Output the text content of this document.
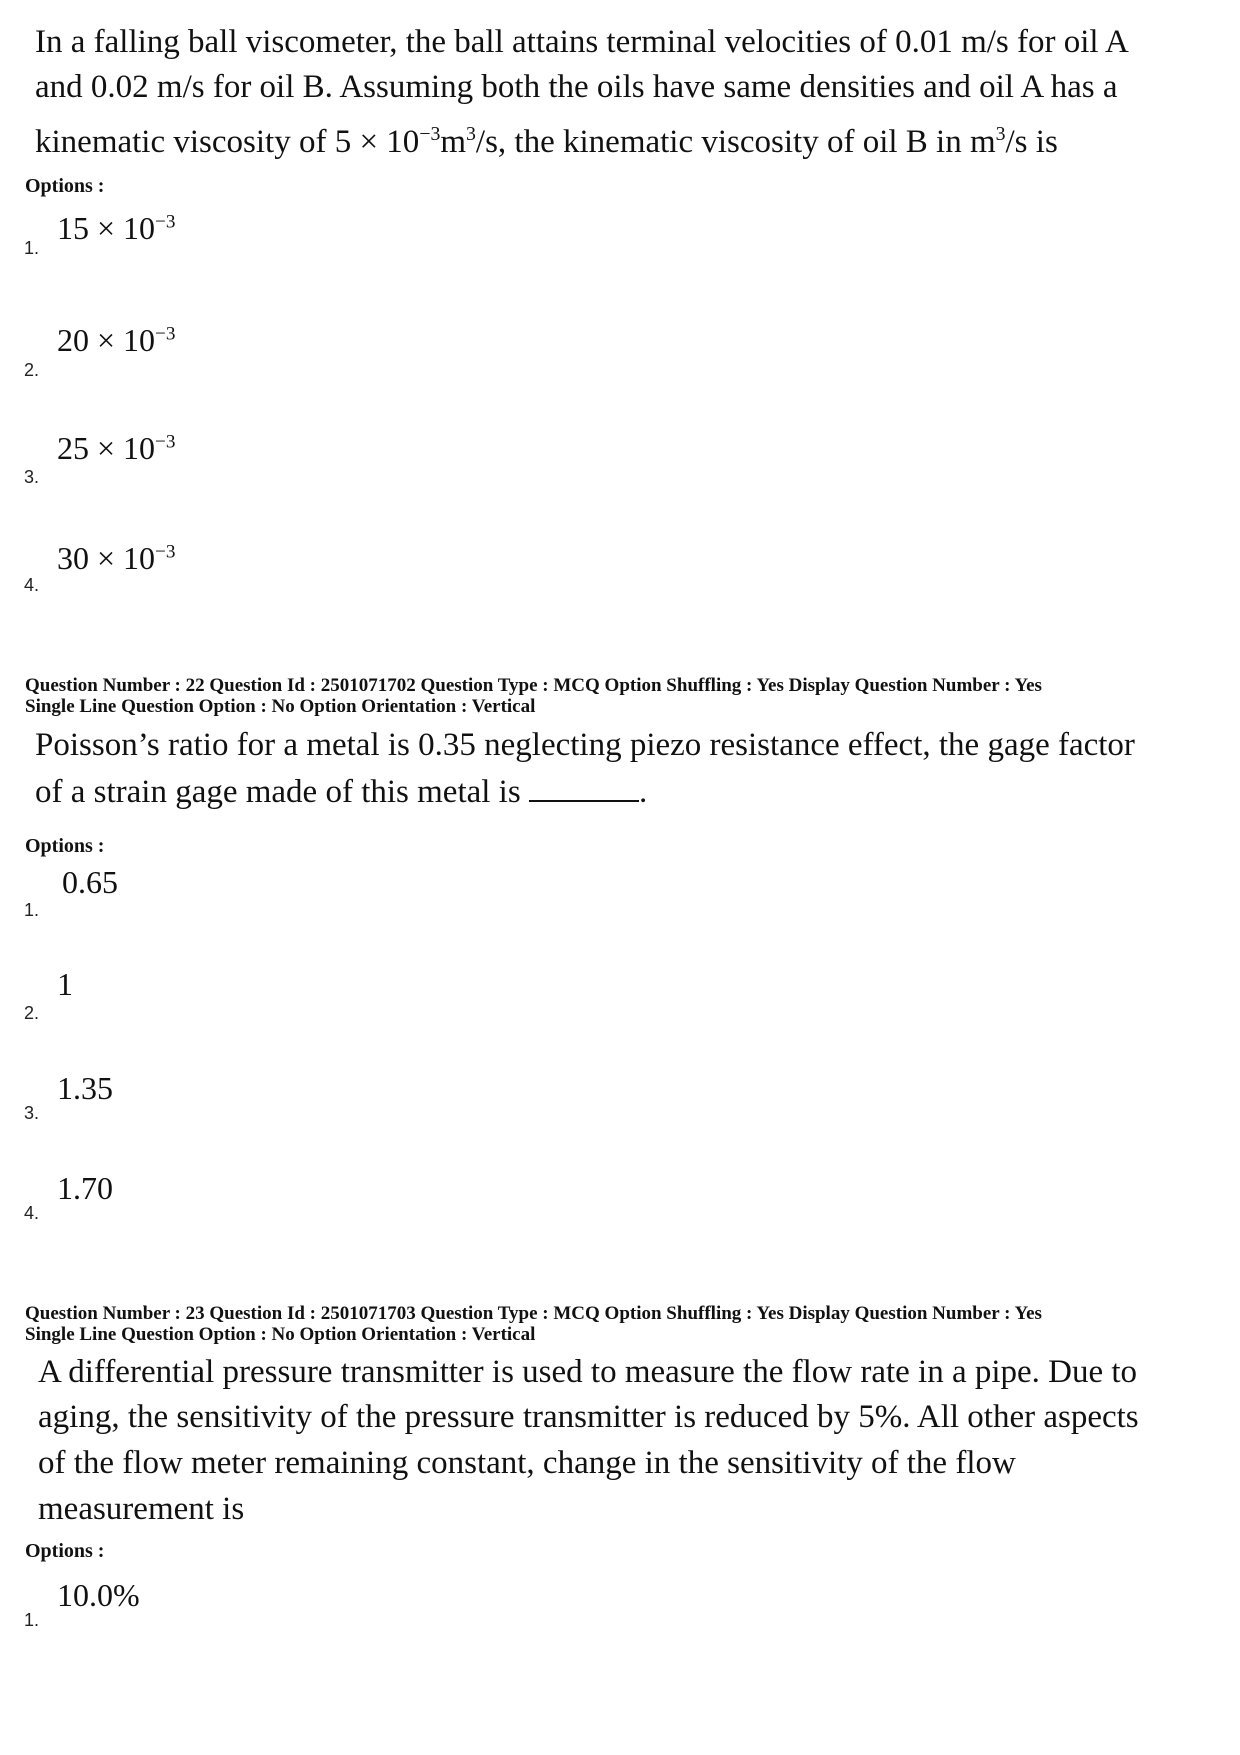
In a falling ball viscometer, the ball attains terminal velocities of 0.01 m/s for oil A
and 0.02 m/s for oil B. Assuming both the oils have same densities and oil A has a
kinematic viscosity of $5 \times 10^{-3}m^3/s$, the kinematic viscosity of oil B in $m^3/s$ is
Options :
$15 \times 10^{-3}$
1.
$20 \times 10^{-3}$
2.
$25 \times 10^{-3}$
3.
$30 \times 10^{-3}$
4.
Question Number : 22 Question Id : 2501071702 Question Type : MCQ Option Shuffling : Yes Display Question Number : Yes
Single Line Question Option : No Option Orientation : Vertical
Poisson’s ratio for a metal is 0.35 neglecting piezo resistance effect, the gage factor
of a strain gage made of this metal is	.
Options :
0.65
1.
1
2.
1.35
3.
1.70
4.
Question Number : 23 Question Id : 2501071703 Question Type : MCQ Option Shuffling : Yes Display Question Number : Yes
Single Line Question Option : No Option Orientation : Vertical
A differential pressure transmitter is used to measure the flow rate in a pipe. Due to
aging, the sensitivity of the pressure transmitter is reduced by 5%. All other aspects
of the flow meter remaining constant, change in the sensitivity of the flow
measurement is
Options :
10.0%
1.
